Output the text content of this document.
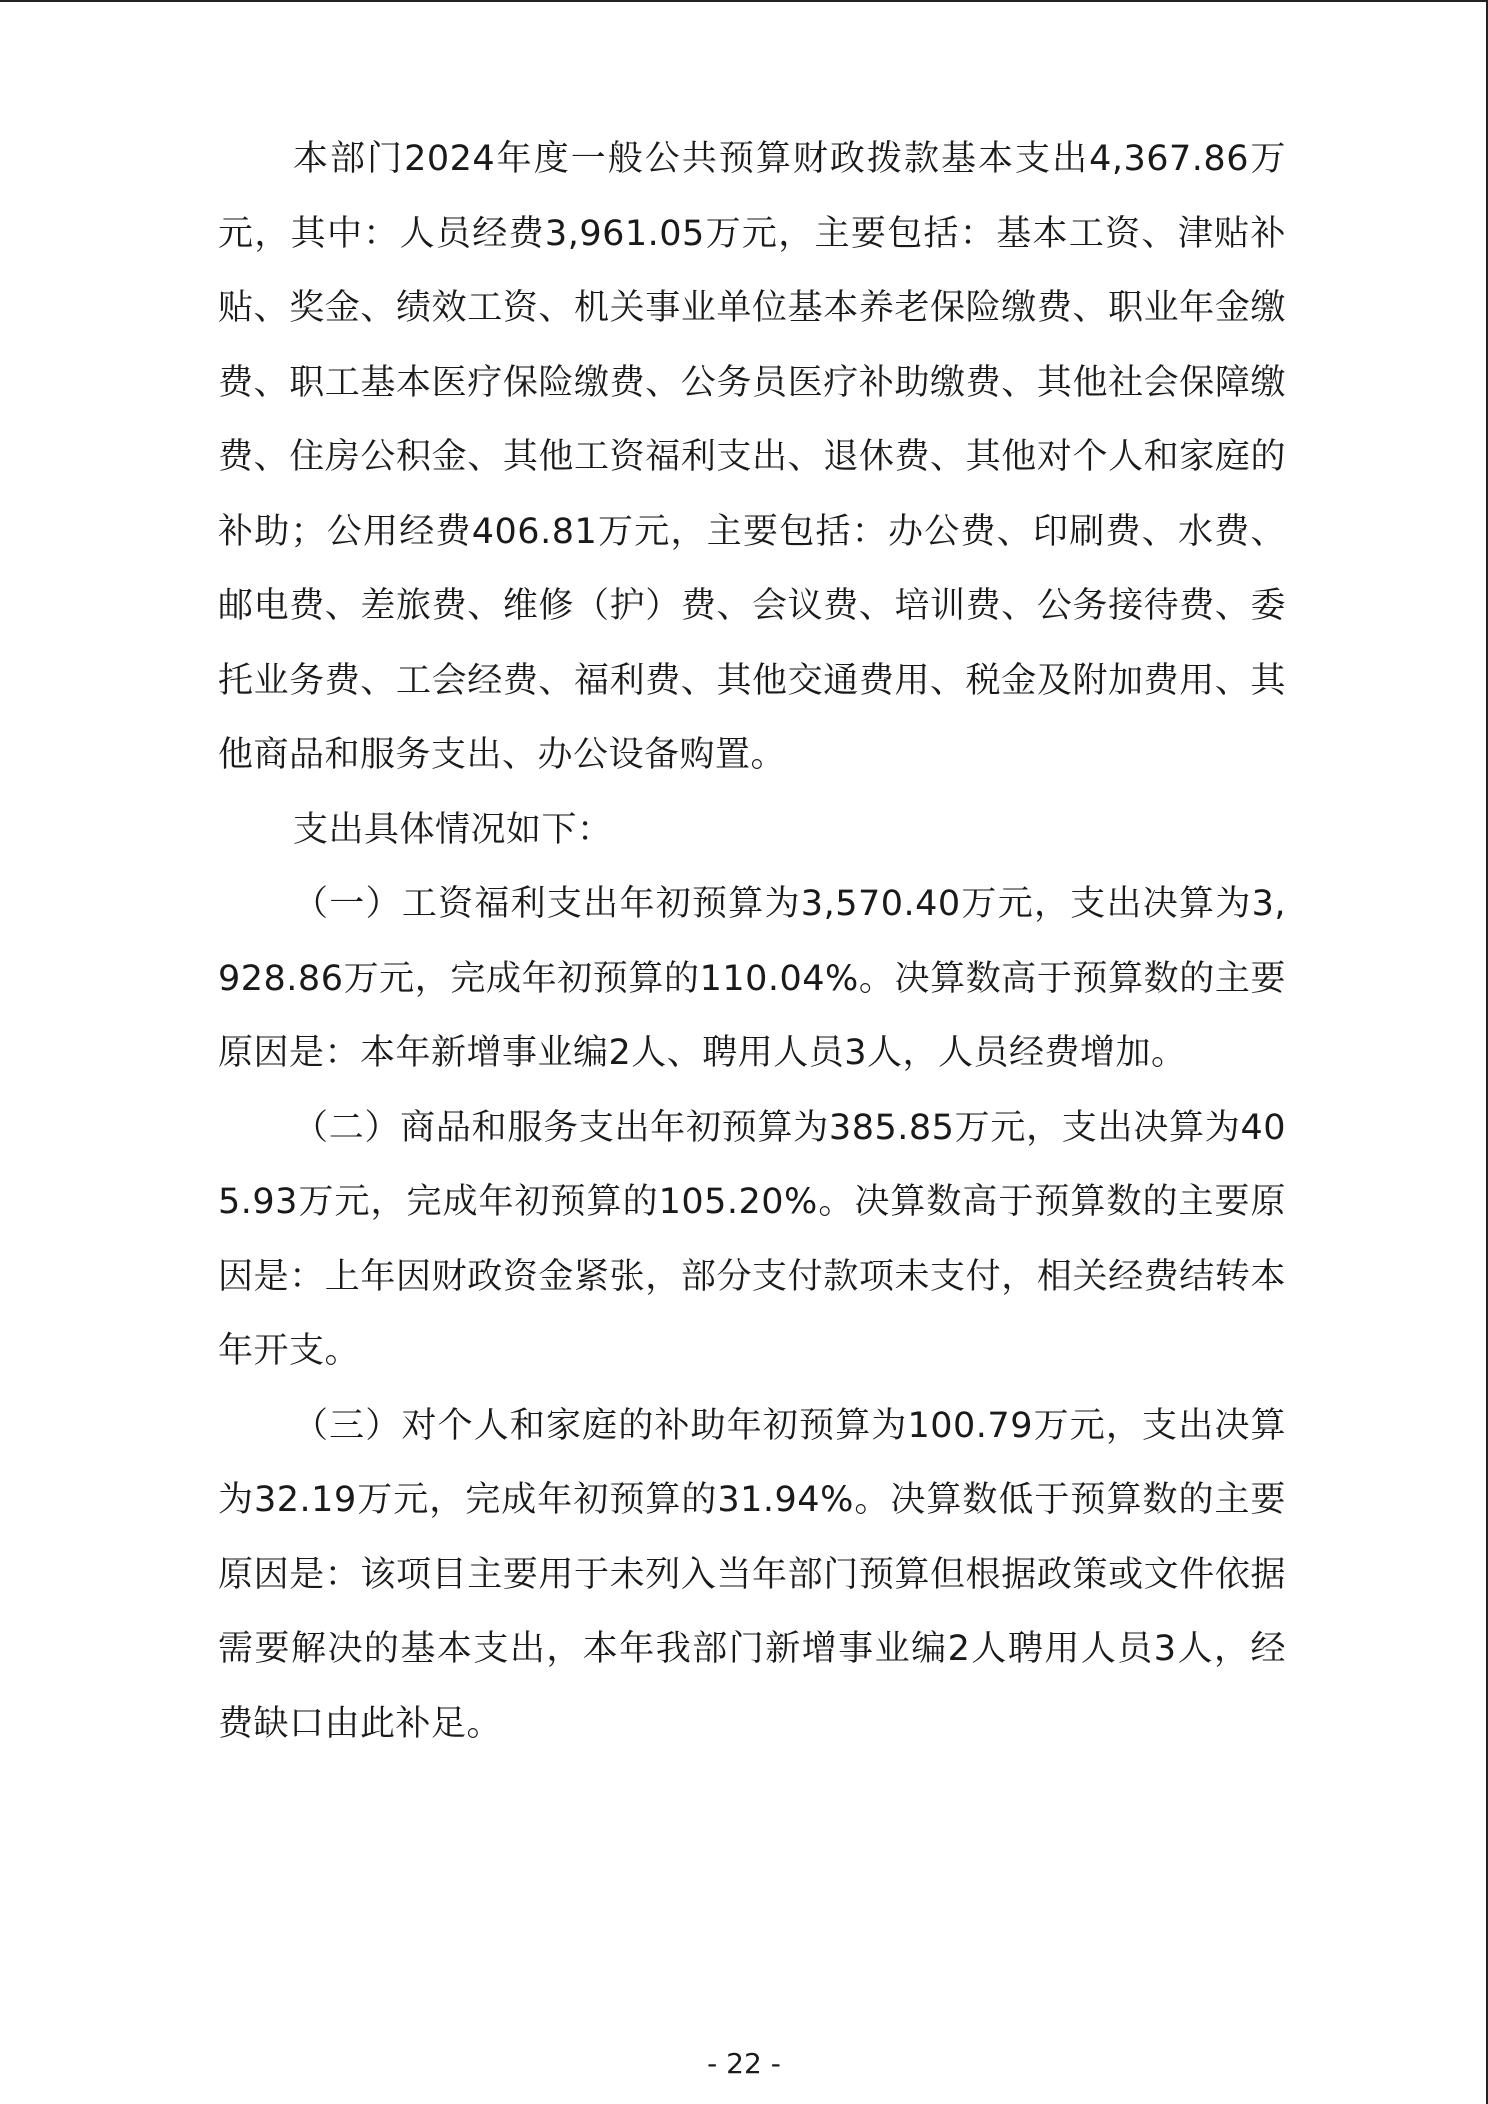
本部门2024年度一般公共预算财政拨款基本支出4,367.86万元，其中：人员经费3,961.05万元，主要包括：基本工资、津贴补贴、奖金、绩效工资、机关事业单位基本养老保险缴费、职业年金缴费、职工基本医疗保险缴费、公务员医疗补助缴费、其他社会保障缴费、住房公积金、其他工资福利支出、退休费、其他对个人和家庭的补助；公用经费406.81万元，主要包括：办公费、印刷费、水费、邮电费、差旅费、维修（护）费、会议费、培训费、公务接待费、委托业务费、工会经费、福利费、其他交通费用、税金及附加费用、其他商品和服务支出、办公设备购置。

支出具体情况如下：

（一）工资福利支出年初预算为3,570.40万元，支出决算为3,928.86万元，完成年初预算的110.04%。决算数高于预算数的主要原因是：本年新增事业编2人、聘用人员3人，人员经费增加。

（二）商品和服务支出年初预算为385.85万元，支出决算为405.93万元，完成年初预算的105.20%。决算数高于预算数的主要原因是：上年因财政资金紧张，部分支付款项未支付，相关经费结转本年开支。

（三）对个人和家庭的补助年初预算为100.79万元，支出决算为32.19万元，完成年初预算的31.94%。决算数低于预算数的主要原因是：该项目主要用于未列入当年部门预算但根据政策或文件依据需要解决的基本支出，本年我部门新增事业编2人聘用人员3人，经费缺口由此补足。

- 22 -
